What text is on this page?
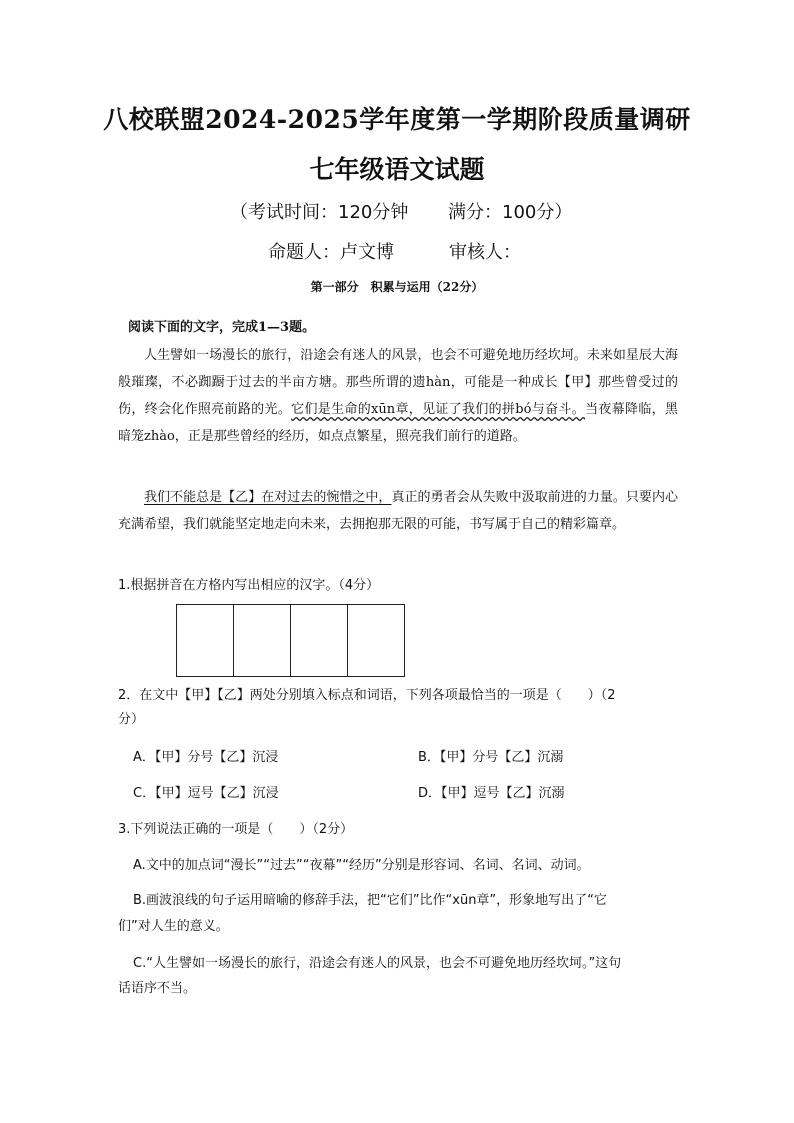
八校联盟2024-2025学年度第一学期阶段质量调研
七年级语文试题
（考试时间：120分钟 满分：100分）
命题人：卢文博	审核人：
第一部分　积累与运用（22分）
阅读下面的文字，完成1—3题。
人生譬如一场漫长的旅行，沿途会有迷人的风景，也会不可避免地历经坎坷。未来如星辰大海般璀璨，不必踟蹰于过去的半亩方塘。那些所谓的遗hàn，可能是一种成长【甲】那些曾受过的伤，终会化作照亮前路的光。它们是生命的xūn章，见证了我们的拼bó与奋斗。当夜幕降临，黑暗笼zhào，正是那些曾经的经历，如点点繁星，照亮我们前行的道路。
我们不能总是【乙】在对过去的惋惜之中，真正的勇者会从失败中汲取前进的力量。只要内心充满希望，我们就能坚定地走向未来，去拥抱那无限的可能，书写属于自己的精彩篇章。
1.根据拼音在方格内写出相应的汉字。（4分）
2．在文中【甲】【乙】两处分别填入标点和词语，下列各项最恰当的一项是（　　）（2
分）
A．【甲】分号【乙】沉浸	B．【甲】分号【乙】沉溺
C．【甲】逗号【乙】沉浸	D．【甲】逗号【乙】沉溺
3.下列说法正确的一项是（　　）（2分）
A.文中的加点词“漫长”“过去”“夜幕”“经历”分别是形容词、名词、名词、动词。
B.画波浪线的句子运用暗喻的修辞手法，把“它们”比作“xūn章”，形象地写出了“它
们”对人生的意义。
C.“人生譬如一场漫长的旅行，沿途会有迷人的风景，也会不可避免地历经坎坷。”这句
话语序不当。
